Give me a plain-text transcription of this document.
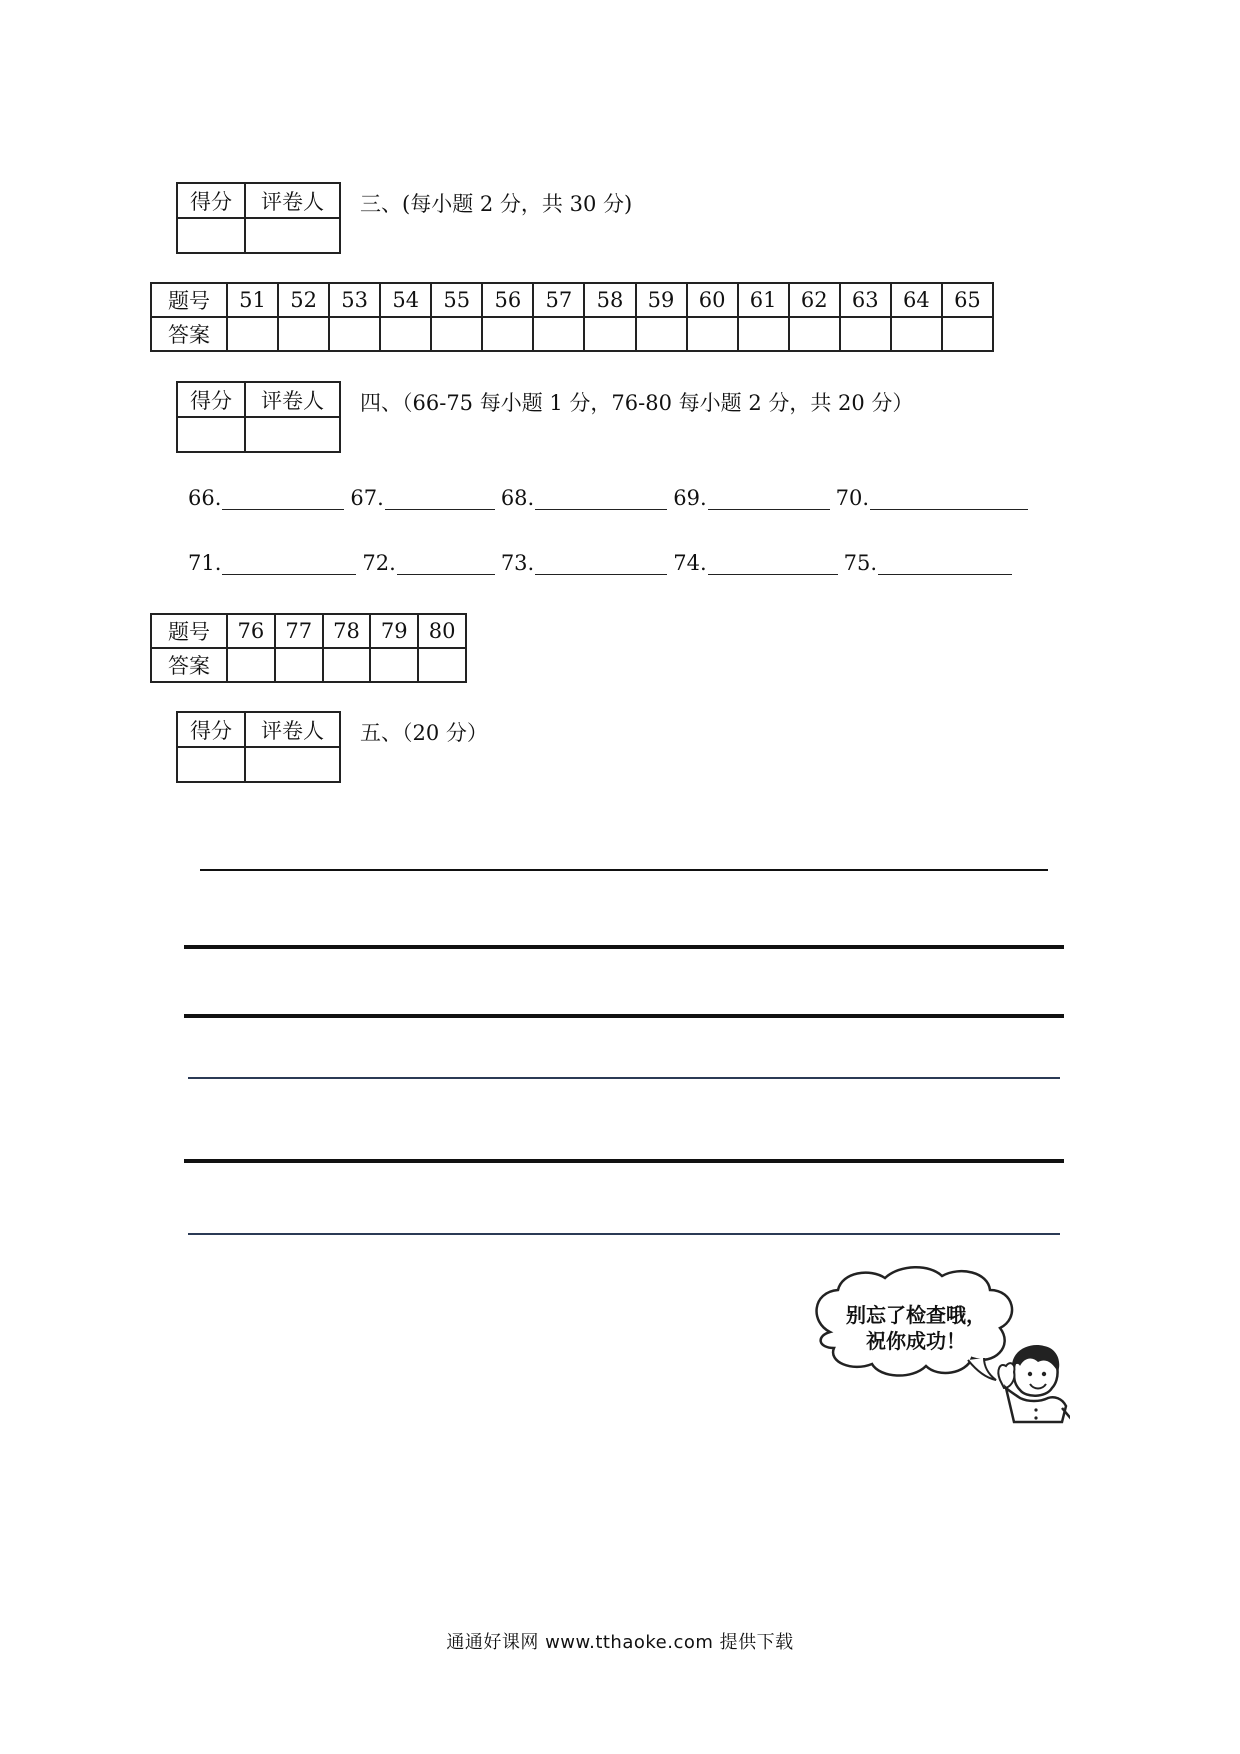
得分	评卷人
	三、(每小题 2 分，共 30 分)
题号	51	52	53	54	55	56	57	58	59	60	61	62	63	64	65
答案															
得分	评卷人
	四、（66-75 每小题 1 分，76-80 每小题 2 分，共 20 分）
66.	67.	68.	69.	70.
71.	72.	73.	74.	75.
题号	76	77	78	79	80
答案					
得分	评卷人
	五、（20 分）
别忘了检查哦，
祝你成功！
通通好课网 www.tthaoke.com 提供下载
